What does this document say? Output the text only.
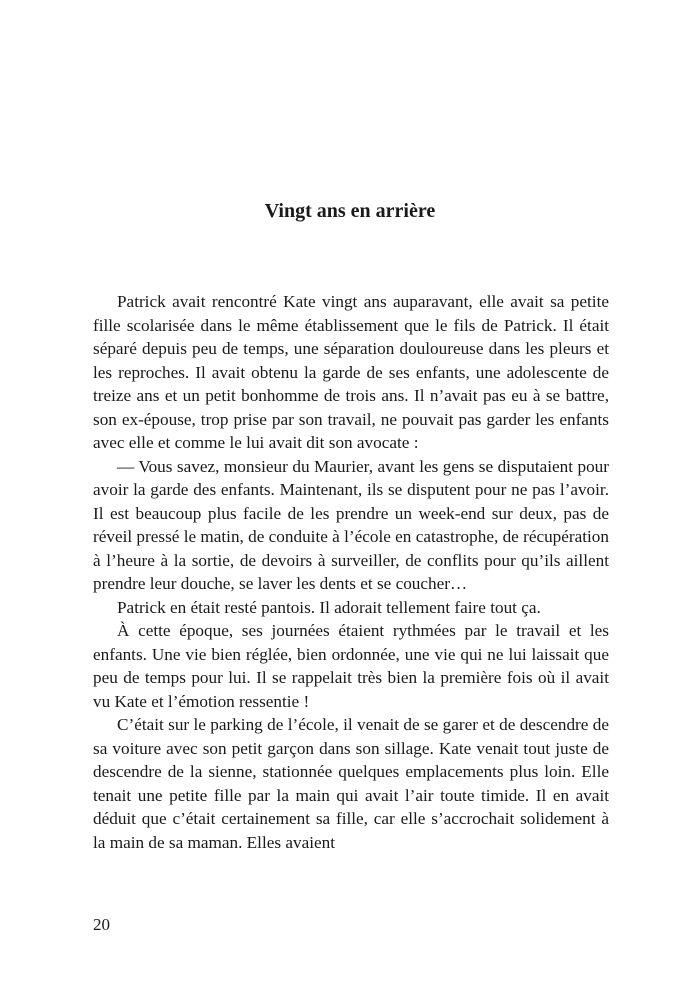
Vingt ans en arrière

Patrick avait rencontré Kate vingt ans auparavant, elle avait sa petite fille scolarisée dans le même établissement que le fils de Patrick. Il était séparé depuis peu de temps, une séparation douloureuse dans les pleurs et les reproches. Il avait obtenu la garde de ses enfants, une adolescente de treize ans et un petit bonhomme de trois ans. Il n’avait pas eu à se battre, son ex-épouse, trop prise par son travail, ne pouvait pas garder les enfants avec elle et comme le lui avait dit son avocate :

— Vous savez, monsieur du Maurier, avant les gens se disputaient pour avoir la garde des enfants. Maintenant, ils se disputent pour ne pas l’avoir. Il est beaucoup plus facile de les prendre un week-end sur deux, pas de réveil pressé le matin, de conduite à l’école en catastrophe, de récupération à l’heure à la sortie, de devoirs à surveiller, de conflits pour qu’ils aillent prendre leur douche, se laver les dents et se coucher…

Patrick en était resté pantois. Il adorait tellement faire tout ça.

À cette époque, ses journées étaient rythmées par le travail et les enfants. Une vie bien réglée, bien ordonnée, une vie qui ne lui laissait que peu de temps pour lui. Il se rappelait très bien la première fois où il avait vu Kate et l’émotion ressentie !

C’était sur le parking de l’école, il venait de se garer et de descendre de sa voiture avec son petit garçon dans son sillage. Kate venait tout juste de descendre de la sienne, stationnée quelques emplacements plus loin. Elle tenait une petite fille par la main qui avait l’air toute timide. Il en avait déduit que c’était certainement sa fille, car elle s’accrochait solidement à la main de sa maman. Elles avaient

20
